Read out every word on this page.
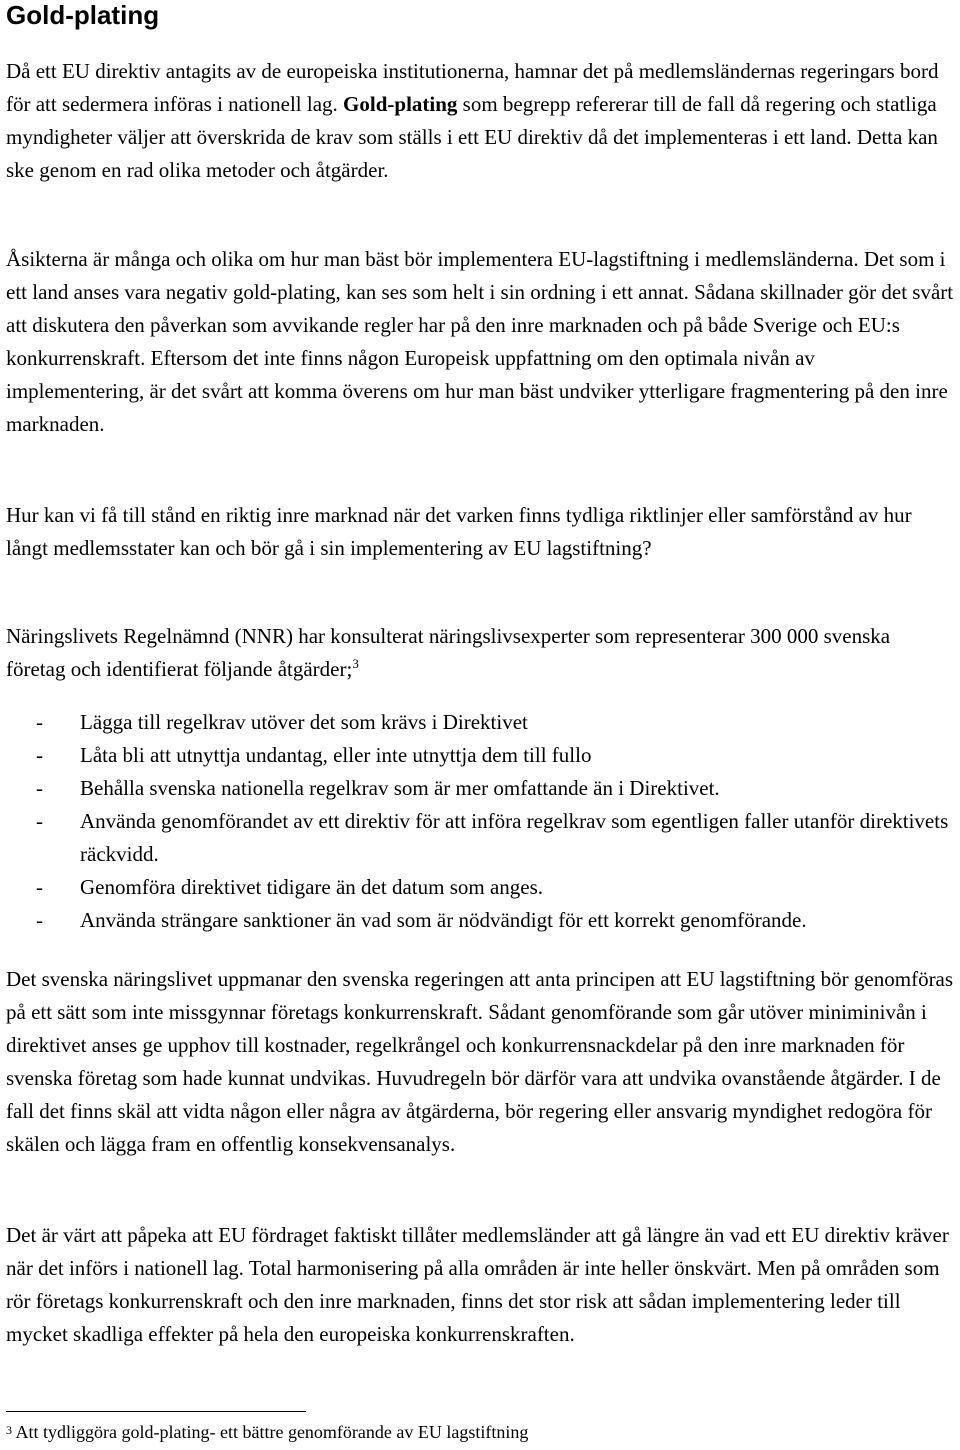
Gold-plating

Då ett EU direktiv antagits av de europeiska institutionerna, hamnar det på medlemsländernas regeringars bord för att sedermera införas i nationell lag. Gold-plating som begrepp refererar till de fall då regering och statliga myndigheter väljer att överskrida de krav som ställs i ett EU direktiv då det implementeras i ett land. Detta kan ske genom en rad olika metoder och åtgärder.

Åsikterna är många och olika om hur man bäst bör implementera EU-lagstiftning i medlemsländerna. Det som i ett land anses vara negativ gold-plating, kan ses som helt i sin ordning i ett annat. Sådana skillnader gör det svårt att diskutera den påverkan som avvikande regler har på den inre marknaden och på både Sverige och EU:s konkurrenskraft. Eftersom det inte finns någon Europeisk uppfattning om den optimala nivån av implementering, är det svårt att komma överens om hur man bäst undviker ytterligare fragmentering på den inre marknaden.

Hur kan vi få till stånd en riktig inre marknad när det varken finns tydliga riktlinjer eller samförstånd av hur långt medlemsstater kan och bör gå i sin implementering av EU lagstiftning?

Näringslivets Regelnämnd (NNR) har konsulterat näringslivsexperter som representerar 300 000 svenska företag och identifierat följande åtgärder;$^3$

- Lägga till regelkrav utöver det som krävs i Direktivet
- Låta bli att utnyttja undantag, eller inte utnyttja dem till fullo
- Behålla svenska nationella regelkrav som är mer omfattande än i Direktivet.
- Använda genomförandet av ett direktiv för att införa regelkrav som egentligen faller utanför direktivets räckvidd.
- Genomföra direktivet tidigare än det datum som anges.
- Använda strängare sanktioner än vad som är nödvändigt för ett korrekt genomförande.

Det svenska näringslivet uppmanar den svenska regeringen att anta principen att EU lagstiftning bör genomföras på ett sätt som inte missgynnar företags konkurrenskraft. Sådant genomförande som går utöver miniminivån i direktivet anses ge upphov till kostnader, regelkrångel och konkurrensnackdelar på den inre marknaden för svenska företag som hade kunnat undvikas. Huvudregeln bör därför vara att undvika ovanstående åtgärder. I de fall det finns skäl att vidta någon eller några av åtgärderna, bör regering eller ansvarig myndighet redogöra för skälen och lägga fram en offentlig konsekvensanalys.

Det är värt att påpeka att EU fördraget faktiskt tillåter medlemsländer att gå längre än vad ett EU direktiv kräver när det införs i nationell lag. Total harmonisering på alla områden är inte heller önskvärt. Men på områden som rör företags konkurrenskraft och den inre marknaden, finns det stor risk att sådan implementering leder till mycket skadliga effekter på hela den europeiska konkurrenskraften.

$^3$ Att tydliggöra gold-plating- ett bättre genomförande av EU lagstiftning
